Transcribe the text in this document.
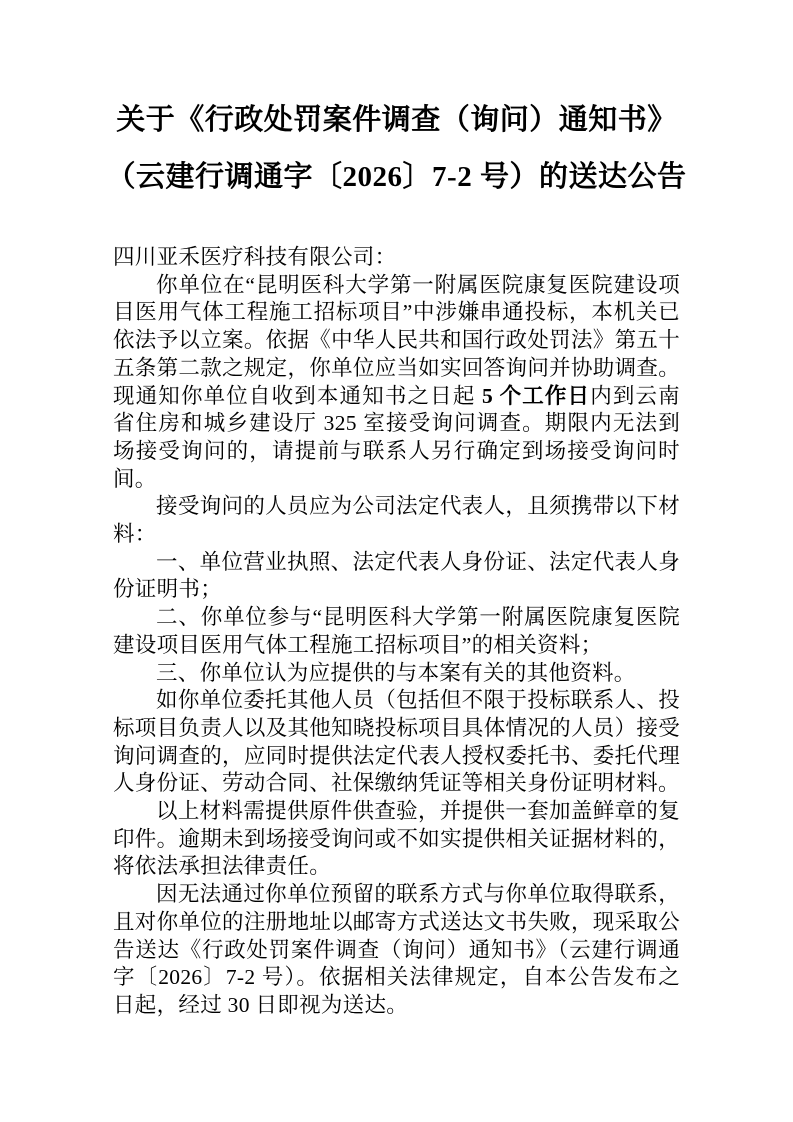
关于《行政处罚案件调查（询问）通知书》
（云建行调通字〔2026〕7-2 号）的送达公告

四川亚禾医疗科技有限公司：

你单位在“昆明医科大学第一附属医院康复医院建设项目医用气体工程施工招标项目”中涉嫌串通投标，本机关已依法予以立案。依据《中华人民共和国行政处罚法》第五十五条第二款之规定，你单位应当如实回答询问并协助调查。现通知你单位自收到本通知书之日起 5 个工作日内到云南省住房和城乡建设厅 325 室接受询问调查。期限内无法到场接受询问的，请提前与联系人另行确定到场接受询问时间。

接受询问的人员应为公司法定代表人，且须携带以下材料：

一、单位营业执照、法定代表人身份证、法定代表人身份证明书；

二、你单位参与“昆明医科大学第一附属医院康复医院建设项目医用气体工程施工招标项目”的相关资料；

三、你单位认为应提供的与本案有关的其他资料。

如你单位委托其他人员（包括但不限于投标联系人、投标项目负责人以及其他知晓投标项目具体情况的人员）接受询问调查的，应同时提供法定代表人授权委托书、委托代理人身份证、劳动合同、社保缴纳凭证等相关身份证明材料。

以上材料需提供原件供查验，并提供一套加盖鲜章的复印件。逾期未到场接受询问或不如实提供相关证据材料的，将依法承担法律责任。

因无法通过你单位预留的联系方式与你单位取得联系，且对你单位的注册地址以邮寄方式送达文书失败，现采取公告送达《行政处罚案件调查（询问）通知书》（云建行调通字〔2026〕7-2 号）。依据相关法律规定，自本公告发布之日起，经过 30 日即视为送达。
